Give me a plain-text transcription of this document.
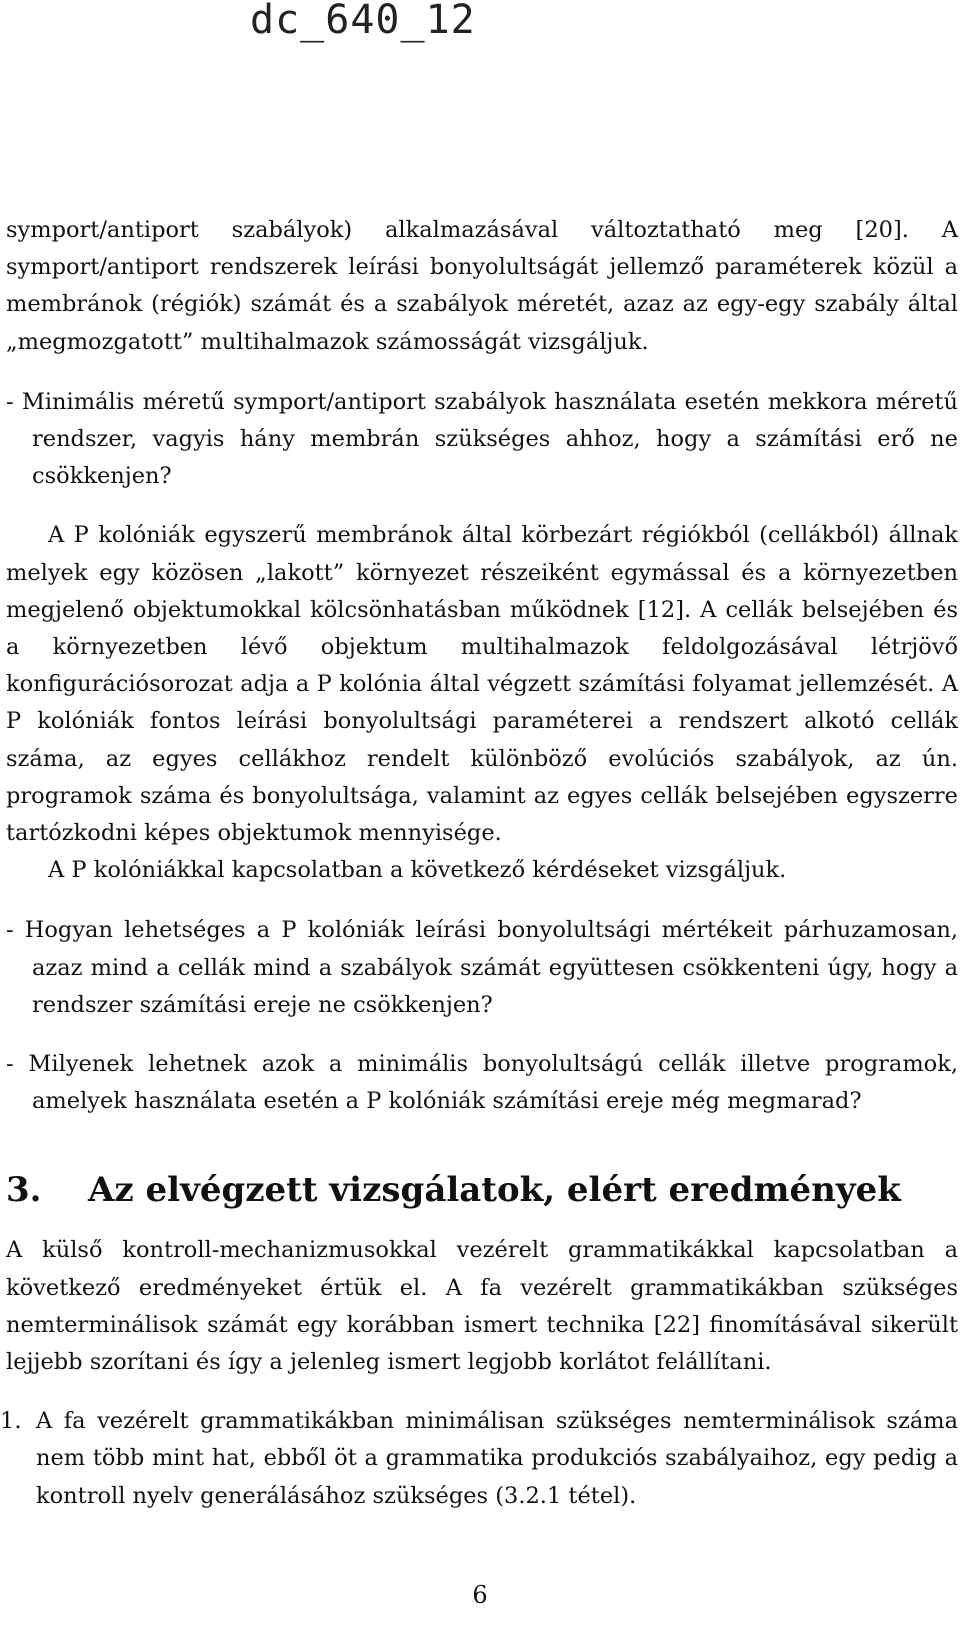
dc_640_12

symport/antiport szabályok) alkalmazásával változtatható meg [20]. A symport/antiport rendszerek leírási bonyolultságát jellemző paraméterek közül a membránok (régiók) számát és a szabályok méretét, azaz az egy-egy szabály által „megmozgatott” multihalmazok számosságát vizsgáljuk.

- Minimális méretű symport/antiport szabályok használata esetén mekkora méretű rendszer, vagyis hány membrán szükséges ahhoz, hogy a számítási erő ne csökkenjen?

A P kolóniák egyszerű membránok által körbezárt régiókból (cellákból) állnak melyek egy közösen „lakott” környezet részeiként egymással és a környezetben megjelenő objektumokkal kölcsönhatásban működnek [12]. A cellák belsejében és a környezetben lévő objektum multihalmazok feldolgozásával létrjövő konfigurációsorozat adja a P kolónia által végzett számítási folyamat jellemzését. A P kolóniák fontos leírási bonyolultsági paraméterei a rendszert alkotó cellák száma, az egyes cellákhoz rendelt különböző evolúciós szabályok, az ún. programok száma és bonyolultsága, valamint az egyes cellák belsejében egyszerre tartózkodni képes objektumok mennyisége.

A P kolóniákkal kapcsolatban a következő kérdéseket vizsgáljuk.

- Hogyan lehetséges a P kolóniák leírási bonyolultsági mértékeit párhuzamosan, azaz mind a cellák mind a szabályok számát együttesen csökkenteni úgy, hogy a rendszer számítási ereje ne csökkenjen?

- Milyenek lehetnek azok a minimális bonyolultságú cellák illetve programok, amelyek használata esetén a P kolóniák számítási ereje még megmarad?

3. Az elvégzett vizsgálatok, elért eredmények

A külső kontroll-mechanizmusokkal vezérelt grammatikákkal kapcsolatban a következő eredményeket értük el. A fa vezérelt grammatikákban szükséges nemterminálisok számát egy korábban ismert technika [22] finomításával sikerült lejjebb szorítani és így a jelenleg ismert legjobb korlátot felállítani.

1. A fa vezérelt grammatikákban minimálisan szükséges nemterminálisok száma nem több mint hat, ebből öt a grammatika produkciós szabályaihoz, egy pedig a kontroll nyelv generálásához szükséges (3.2.1 tétel).
6
